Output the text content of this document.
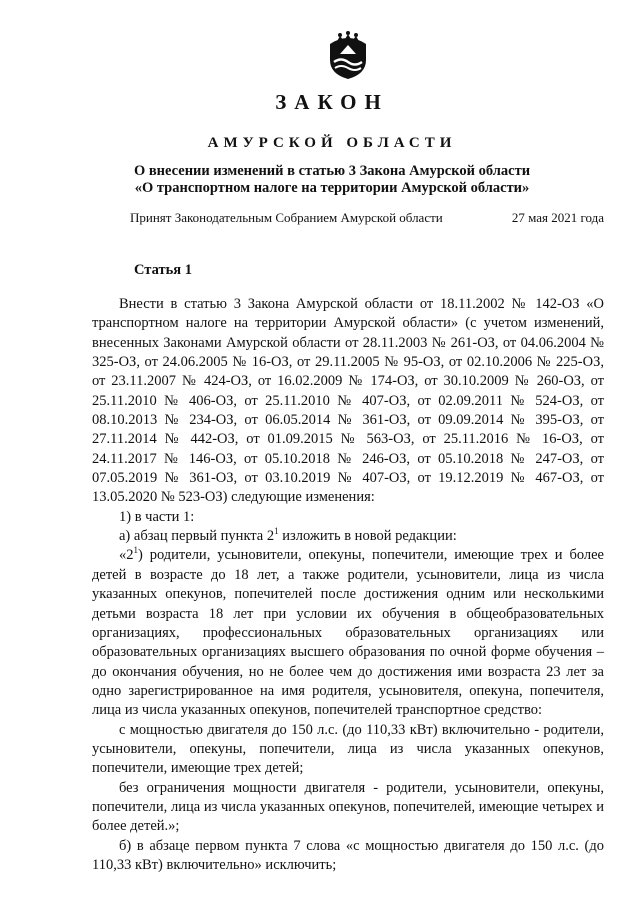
ЗАКОН
АМУРСКОЙ ОБЛАСТИ
О внесении изменений в статью 3 Закона Амурской области
«О транспортном налоге на территории Амурской области»
Принят Законодательным Собранием Амурской области	27 мая 2021 года
Статья 1

Внести в статью 3 Закона Амурской области от 18.11.2002 № 142-ОЗ «О транспортном налоге на территории Амурской области» (с учетом изменений, внесенных Законами Амурской области от 28.11.2003 № 261-ОЗ, от 04.06.2004 № 325-ОЗ, от 24.06.2005 № 16-ОЗ, от 29.11.2005 № 95-ОЗ, от 02.10.2006 № 225-ОЗ, от 23.11.2007 № 424-ОЗ, от 16.02.2009 № 174-ОЗ, от 30.10.2009 № 260-ОЗ, от 25.11.2010 № 406-ОЗ, от 25.11.2010 № 407-ОЗ, от 02.09.2011 № 524-ОЗ, от 08.10.2013 № 234-ОЗ, от 06.05.2014 № 361-ОЗ, от 09.09.2014 № 395-ОЗ, от 27.11.2014 № 442-ОЗ, от 01.09.2015 № 563-ОЗ, от 25.11.2016 № 16-ОЗ, от 24.11.2017 № 146-ОЗ, от 05.10.2018 № 246-ОЗ, от 05.10.2018 № 247-ОЗ, от 07.05.2019 № 361-ОЗ, от 03.10.2019 № 407-ОЗ, от 19.12.2019 № 467-ОЗ, от 13.05.2020 № 523-ОЗ) следующие изменения:

1) в части 1:

а) абзац первый пункта $2^1$ изложить в новой редакции:

«$2^1$) родители, усыновители, опекуны, попечители, имеющие трех и более детей в возрасте до 18 лет, а также родители, усыновители, лица из числа указанных опекунов, попечителей после достижения одним или несколькими детьми возраста 18 лет при условии их обучения в общеобразовательных организациях, профессиональных образовательных организациях или образовательных организациях высшего образования по очной форме обучения – до окончания обучения, но не более чем до достижения ими возраста 23 лет за одно зарегистрированное на имя родителя, усыновителя, опекуна, попечителя, лица из числа указанных опекунов, попечителей транспортное средство:

с мощностью двигателя до 150 л.с. (до 110,33 кВт) включительно - родители, усыновители, опекуны, попечители, лица из числа указанных опекунов, попечители, имеющие трех детей;

без ограничения мощности двигателя - родители, усыновители, опекуны, попечители, лица из числа указанных опекунов, попечителей, имеющие четырех и более детей.»;

б) в абзаце первом пункта 7 слова «с мощностью двигателя до 150 л.с. (до 110,33 кВт) включительно» исключить;
